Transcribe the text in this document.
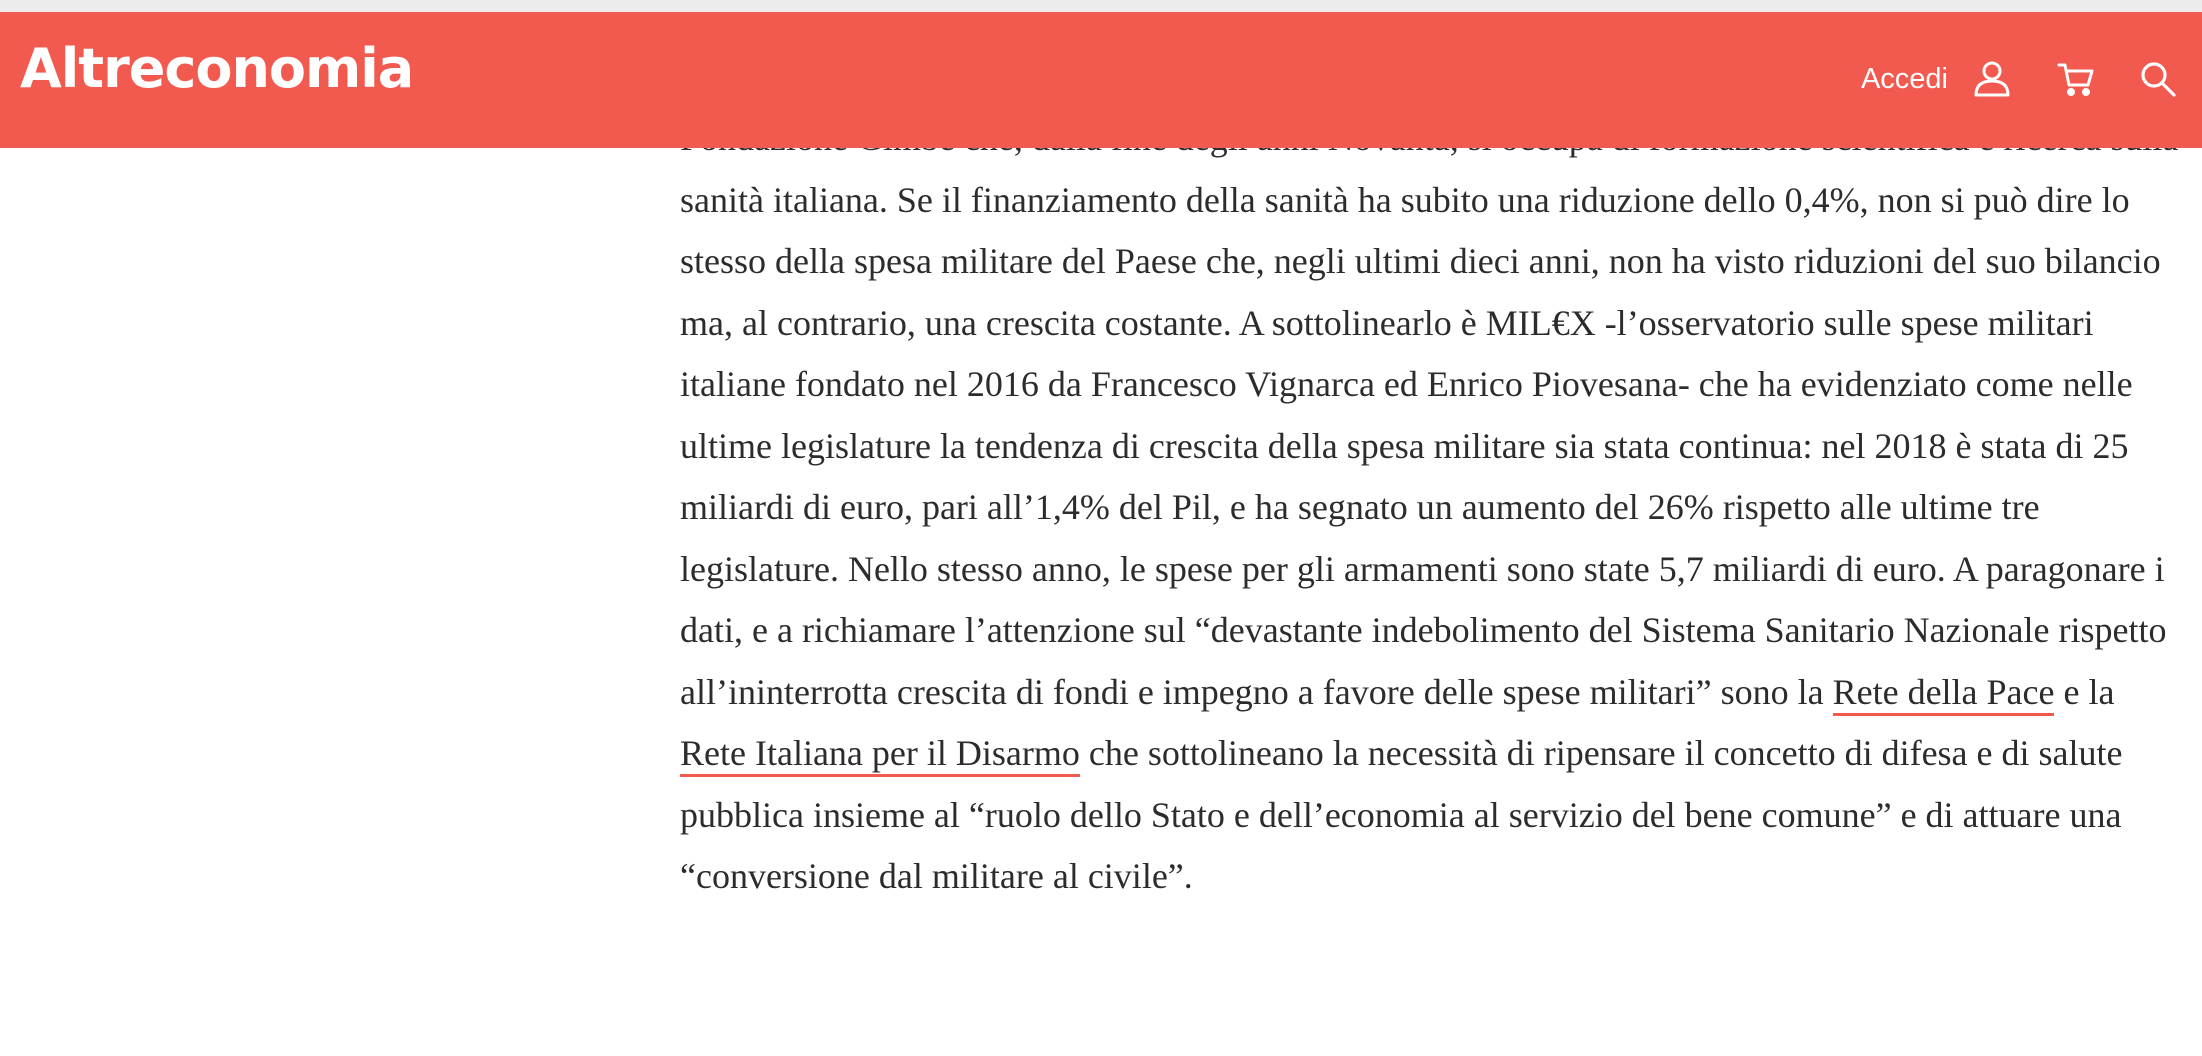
Altreconomia	Accedi

sanità italiana. Se il finanziamento della sanità ha subito una riduzione dello 0,4%, non si può dire lo stesso della spesa militare del Paese che, negli ultimi dieci anni, non ha visto riduzioni del suo bilancio ma, al contrario, una crescita costante. A sottolinearlo è MIL€X -l’osservatorio sulle spese militari italiane fondato nel 2016 da Francesco Vignarca ed Enrico Piovesana- che ha evidenziato come nelle ultime legislature la tendenza di crescita della spesa militare sia stata continua: nel 2018 è stata di 25 miliardi di euro, pari all’1,4% del Pil, e ha segnato un aumento del 26% rispetto alle ultime tre legislature. Nello stesso anno, le spese per gli armamenti sono state 5,7 miliardi di euro. A paragonare i dati, e a richiamare l’attenzione sul “devastante indebolimento del Sistema Sanitario Nazionale rispetto all’ininterrotta crescita di fondi e impegno a favore delle spese militari” sono la Rete della Pace e la Rete Italiana per il Disarmo che sottolineano la necessità di ripensare il concetto di difesa e di salute pubblica insieme al “ruolo dello Stato e dell’economia al servizio del bene comune” e di attuare una “conversione dal militare al civile”.
